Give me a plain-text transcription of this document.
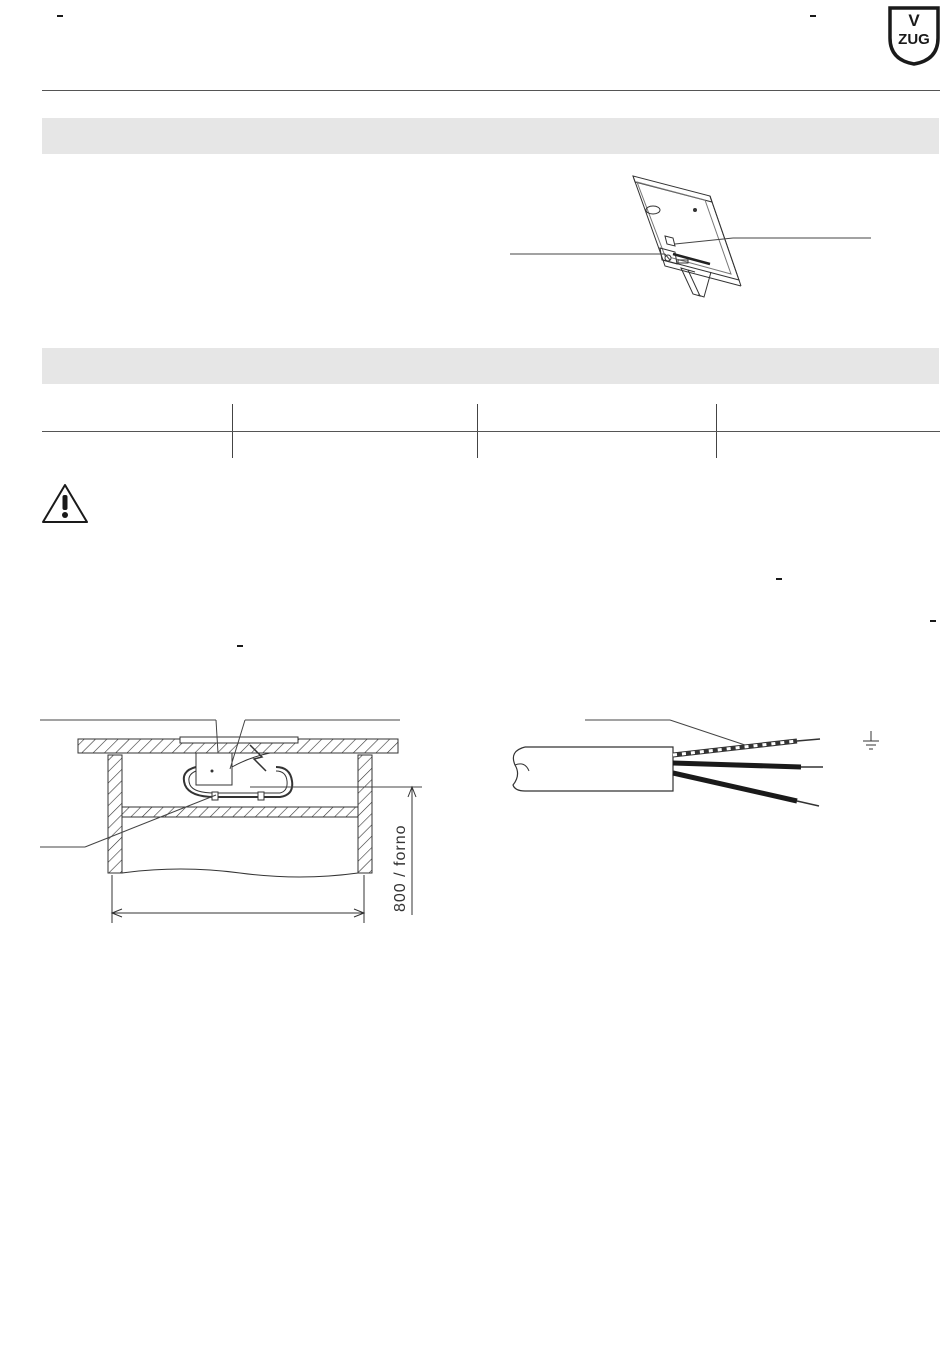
V
ZUG
800 / forno
